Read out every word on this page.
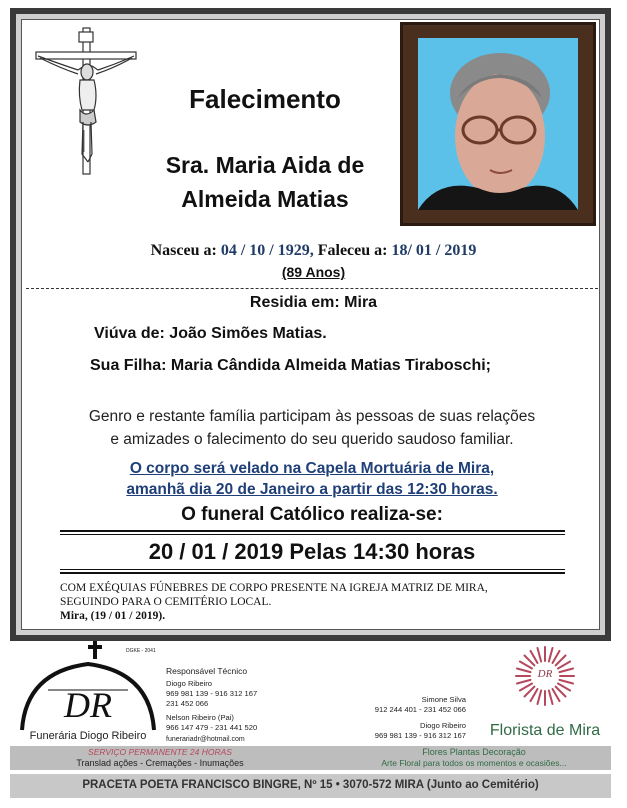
Falecimento
Sra. Maria Aida de
Almeida Matias
Nasceu a: 04 / 10 / 1929, Faleceu a: 18/ 01 / 2019
(89 Anos)
Residia em: Mira
Viúva de: João Simões Matias.
Sua Filha: Maria Cândida Almeida Matias Tiraboschi;
Genro e restante família participam às pessoas de suas relações
e amizades o falecimento do seu querido saudoso familiar.
O corpo será velado na Capela Mortuária de Mira,
amanhã dia 20 de Janeiro a partir das 12:30 horas.
O funeral Católico realiza-se:
20 / 01 / 2019 Pelas 14:30 horas
COM EXÉQUIAS FÚNEBRES DE CORPO PRESENTE NA IGREJA MATRIZ DE MIRA,
SEGUINDO PARA O CEMITÉRIO LOCAL.
Mira, (19 / 01 / 2019).
DGKE - 2041
DR
Funerária Diogo Ribeiro
Responsável Técnico
Diogo Ribeiro
969 981 139 - 916 312 167
231 452 066
Nelson Ribeiro (Pai)
966 147 479 - 231 441 520
funerariadr@hotmail.com
Simone Silva
912 244 401 - 231 452 066
Diogo Ribeiro
969 981 139 - 916 312 167
DR
Florista de Mira
SERVIÇO PERMANENTE 24 HORAS
Translad ações - Cremações - Inumações
Flores Plantas Decoração
Arte Floral para todos os momentos e ocasiões...
PRACETA POETA FRANCISCO BINGRE, Nº 15 • 3070-572 MIRA (Junto ao Cemitério)
